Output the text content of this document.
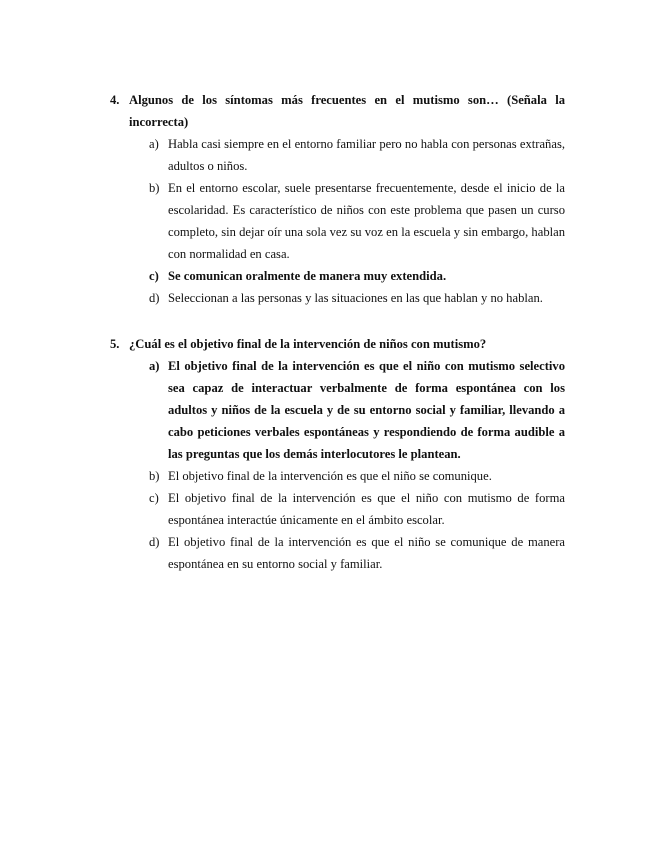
4. Algunos de los síntomas más frecuentes en el mutismo son… (Señala la incorrecta)
a) Habla casi siempre en el entorno familiar pero no habla con personas extrañas, adultos o niños.
b) En el entorno escolar, suele presentarse frecuentemente, desde el inicio de la escolaridad. Es característico de niños con este problema que pasen un curso completo, sin dejar oír una sola vez su voz en la escuela y sin embargo, hablan con normalidad en casa.
c) Se comunican oralmente de manera muy extendida.
d) Seleccionan a las personas y las situaciones en las que hablan y no hablan.
5. ¿Cuál es el objetivo final de la intervención de niños con mutismo?
a) El objetivo final de la intervención es que el niño con mutismo selectivo sea capaz de interactuar verbalmente de forma espontánea con los adultos y niños de la escuela y de su entorno social y familiar, llevando a cabo peticiones verbales espontáneas y respondiendo de forma audible a las preguntas que los demás interlocutores le plantean.
b) El objetivo final de la intervención es que el niño se comunique.
c) El objetivo final de la intervención es que el niño con mutismo de forma espontánea interactúe únicamente en el ámbito escolar.
d) El objetivo final de la intervención es que el niño se comunique de manera espontánea en su entorno social y familiar.
